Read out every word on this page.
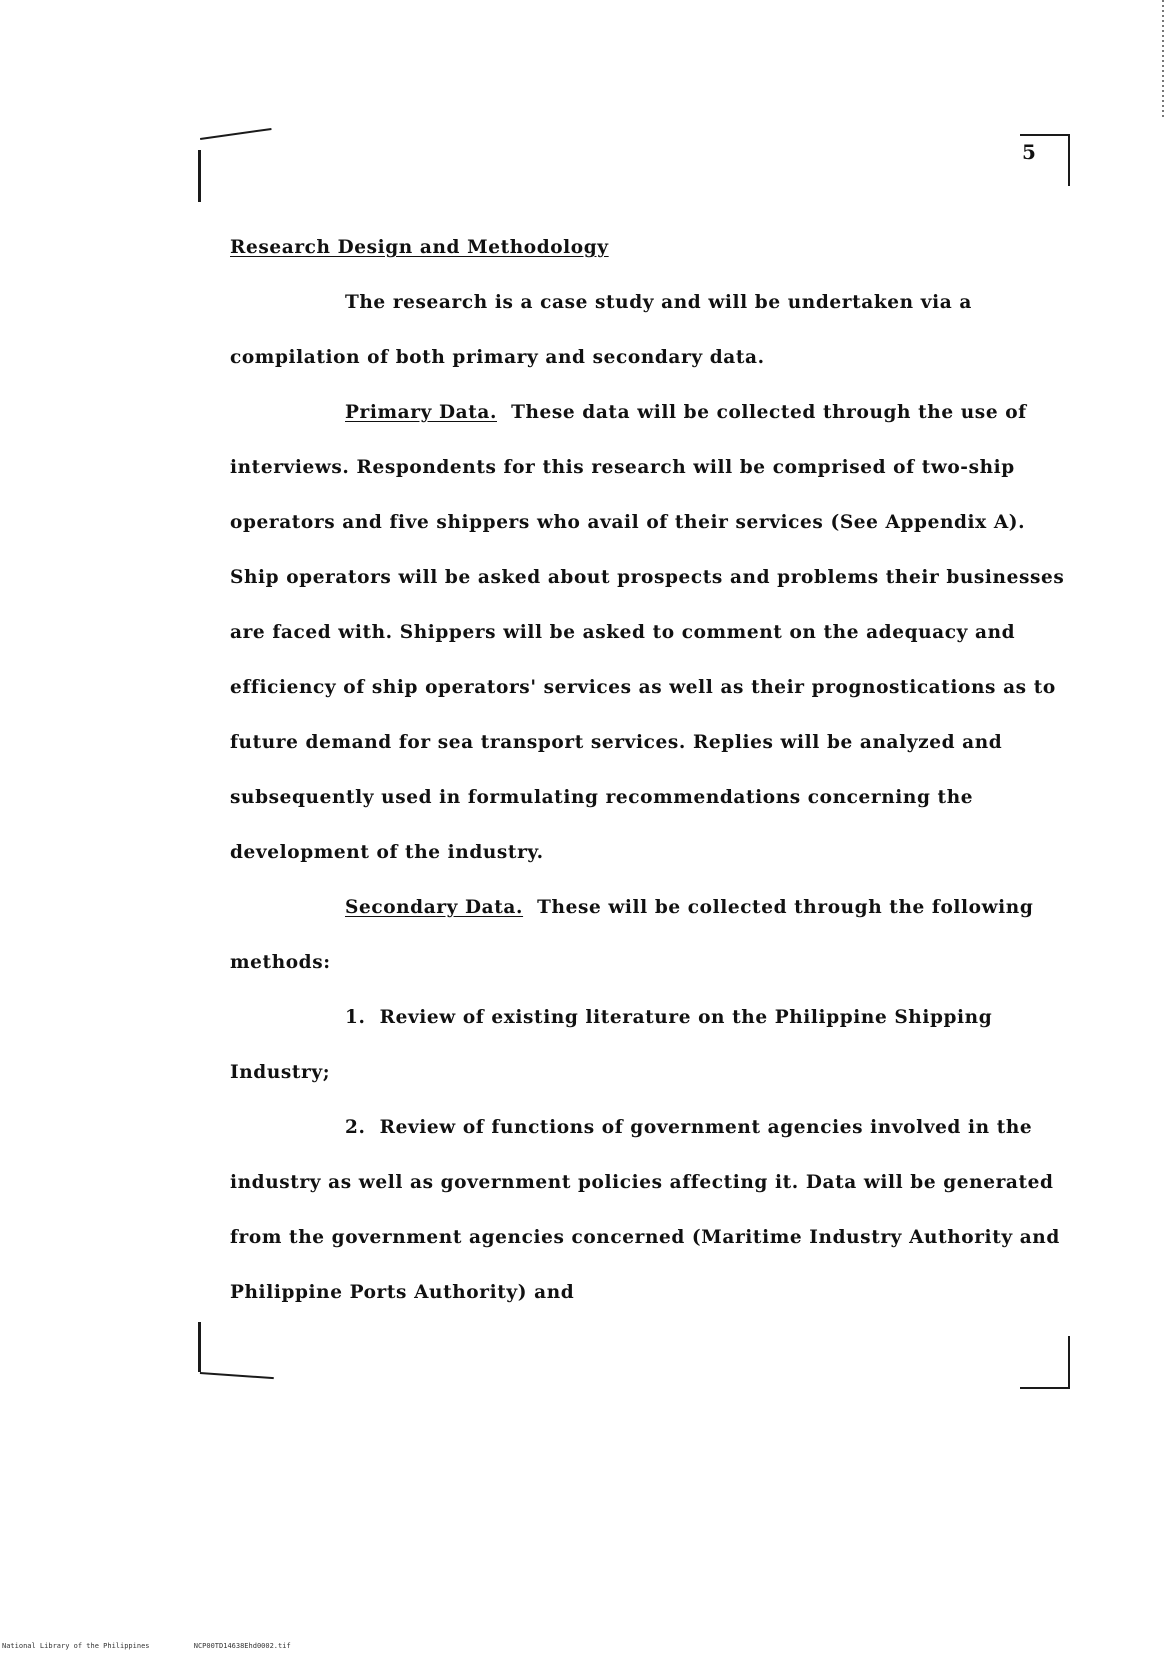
5
Research Design and Methodology

The research is a case study and will be undertaken via a compilation of both primary and secondary data.

Primary Data. These data will be collected through the use of interviews. Respondents for this research will be comprised of two-ship operators and five shippers who avail of their services (See Appendix A). Ship operators will be asked about prospects and problems their businesses are faced with. Shippers will be asked to comment on the adequacy and efficiency of ship operators' services as well as their prognostications as to future demand for sea transport services. Replies will be analyzed and subsequently used in formulating recommendations concerning the development of the industry.

Secondary Data. These will be collected through the following methods:

1. Review of existing literature on the Philippine Shipping Industry;

2. Review of functions of government agencies involved in the industry as well as government policies affecting it. Data will be generated from the government agencies concerned (Maritime Industry Authority and Philippine Ports Authority) and

National Library of the Philippines	NCP00TD14638Ehd0002.tif
